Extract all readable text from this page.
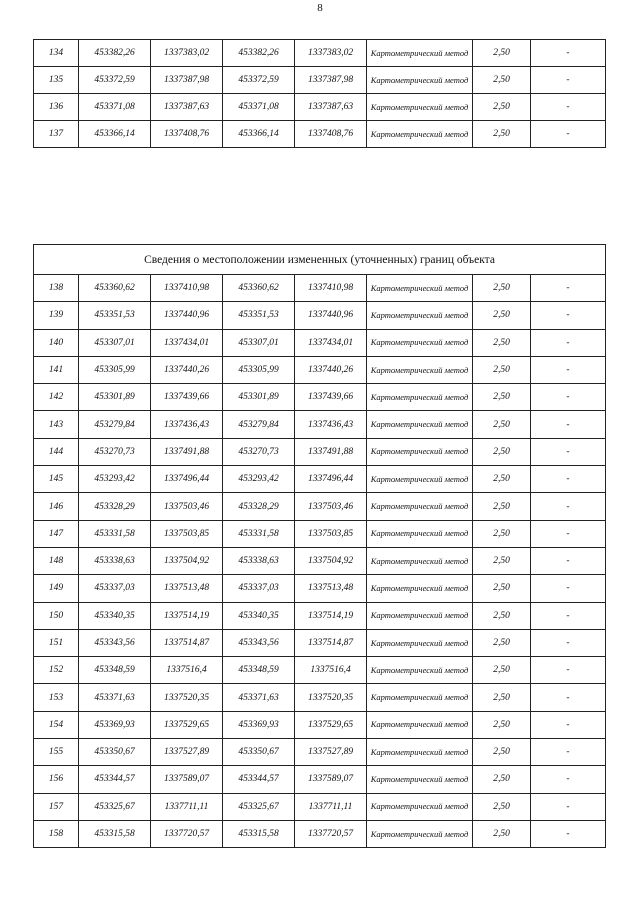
8
134	453382,26	1337383,02	453382,26	1337383,02	Картометрический метод	2,50	-
135	453372,59	1337387,98	453372,59	1337387,98	Картометрический метод	2,50	-
136	453371,08	1337387,63	453371,08	1337387,63	Картометрический метод	2,50	-
137	453366,14	1337408,76	453366,14	1337408,76	Картометрический метод	2,50	-
Сведения о местоположении измененных (уточненных) границ объекта							
138	453360,62	1337410,98	453360,62	1337410,98	Картометрический метод	2,50	-
139	453351,53	1337440,96	453351,53	1337440,96	Картометрический метод	2,50	-
140	453307,01	1337434,01	453307,01	1337434,01	Картометрический метод	2,50	-
141	453305,99	1337440,26	453305,99	1337440,26	Картометрический метод	2,50	-
142	453301,89	1337439,66	453301,89	1337439,66	Картометрический метод	2,50	-
143	453279,84	1337436,43	453279,84	1337436,43	Картометрический метод	2,50	-
144	453270,73	1337491,88	453270,73	1337491,88	Картометрический метод	2,50	-
145	453293,42	1337496,44	453293,42	1337496,44	Картометрический метод	2,50	-
146	453328,29	1337503,46	453328,29	1337503,46	Картометрический метод	2,50	-
147	453331,58	1337503,85	453331,58	1337503,85	Картометрический метод	2,50	-
148	453338,63	1337504,92	453338,63	1337504,92	Картометрический метод	2,50	-
149	453337,03	1337513,48	453337,03	1337513,48	Картометрический метод	2,50	-
150	453340,35	1337514,19	453340,35	1337514,19	Картометрический метод	2,50	-
151	453343,56	1337514,87	453343,56	1337514,87	Картометрический метод	2,50	-
152	453348,59	1337516,4	453348,59	1337516,4	Картометрический метод	2,50	-
153	453371,63	1337520,35	453371,63	1337520,35	Картометрический метод	2,50	-
154	453369,93	1337529,65	453369,93	1337529,65	Картометрический метод	2,50	-
155	453350,67	1337527,89	453350,67	1337527,89	Картометрический метод	2,50	-
156	453344,57	1337589,07	453344,57	1337589,07	Картометрический метод	2,50	-
157	453325,67	1337711,11	453325,67	1337711,11	Картометрический метод	2,50	-
158	453315,58	1337720,57	453315,58	1337720,57	Картометрический метод	2,50	-
